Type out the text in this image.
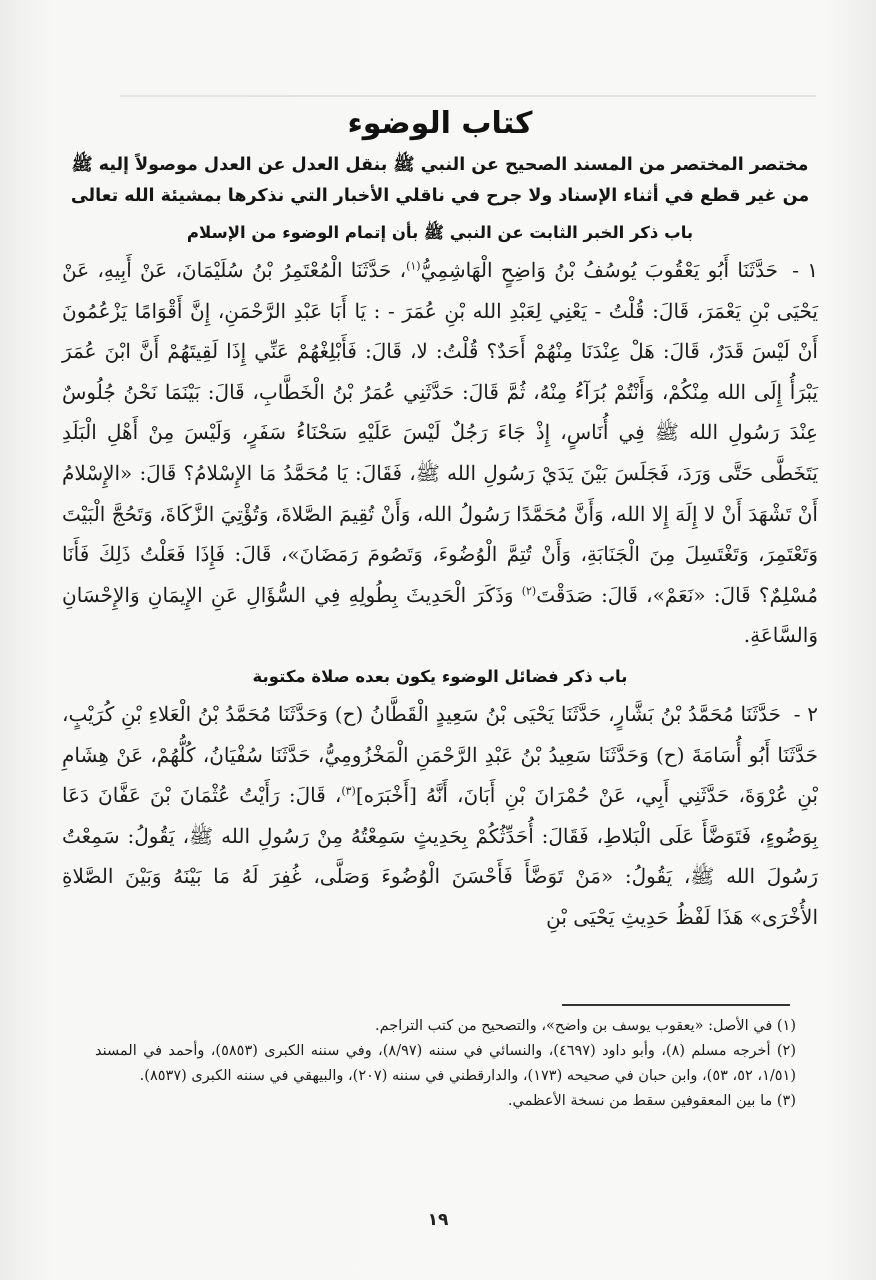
كتاب الوضوء

مختصر المختصر من المسند الصحيح عن النبي ﷺ بنقل العدل عن العدل موصولاً إليه ﷺ من غير قطع في أثناء الإسناد ولا جرح في ناقلي الأخبار التي نذكرها بمشيئة الله تعالى

باب ذكر الخبر الثابت عن النبي ﷺ بأن إتمام الوضوء من الإسلام

١ - حَدَّثَنَا أَبُو يَعْقُوبَ يُوسُفُ بْنُ وَاضِحٍ الْهَاشِمِيُّ$^{(١)}$، حَدَّثَنَا الْمُعْتَمِرُ بْنُ سُلَيْمَانَ، عَنْ أَبِيهِ، عَنْ يَحْيَى بْنِ يَعْمَرَ، قَالَ: قُلْتُ - يَعْنِي لِعَبْدِ الله بْنِ عُمَرَ - : يَا أَبَا عَبْدِ الرَّحْمَنِ، إِنَّ أَقْوَامًا يَزْعُمُونَ أَنْ لَيْسَ قَدَرٌ، قَالَ: هَلْ عِنْدَنَا مِنْهُمْ أَحَدٌ؟ قُلْتُ: لا، قَالَ: فَأَبْلِغْهُمْ عَنِّي إِذَا لَقِيتَهُمْ أَنَّ ابْنَ عُمَرَ يَبْرَأُ إِلَى الله مِنْكُمْ، وَأَنْتُمْ بُرَآءُ مِنْهُ، ثُمَّ قَالَ: حَدَّثَنِي عُمَرُ بْنُ الْخَطَّابِ، قَالَ: بَيْنَمَا نَحْنُ جُلُوسٌ عِنْدَ رَسُولِ الله ﷺ فِي أُنَاسٍ، إِذْ جَاءَ رَجُلٌ لَيْسَ عَلَيْهِ سَحْنَاءُ سَفَرٍ، وَلَيْسَ مِنْ أَهْلِ الْبَلَدِ يَتَخَطَّى حَتَّى وَرَدَ، فَجَلَسَ بَيْنَ يَدَيْ رَسُولِ الله ﷺ، فَقَالَ: يَا مُحَمَّدُ مَا الإِسْلامُ؟ قَالَ: «الإِسْلامُ أَنْ تَشْهَدَ أَنْ لا إِلَهَ إِلا الله، وَأَنَّ مُحَمَّدًا رَسُولُ الله، وَأَنْ تُقِيمَ الصَّلاةَ، وَتُؤْتِيَ الزَّكَاةَ، وَتَحُجَّ الْبَيْتَ وَتَعْتَمِرَ، وَتَغْتَسِلَ مِنَ الْجَنَابَةِ، وَأَنْ تُتِمَّ الْوُضُوءَ، وَتَصُومَ رَمَضَانَ»، قَالَ: فَإِذَا فَعَلْتُ ذَلِكَ فَأَنَا مُسْلِمٌ؟ قَالَ: «نَعَمْ»، قَالَ: صَدَقْتَ$^{(٢)}$ وَذَكَرَ الْحَدِيثَ بِطُولِهِ فِي السُّؤَالِ عَنِ الإِيمَانِ وَالإِحْسَانِ وَالسَّاعَةِ.

باب ذكر فضائل الوضوء يكون بعده صلاة مكتوبة

٢ - حَدَّثَنَا مُحَمَّدُ بْنُ بَشَّارٍ، حَدَّثَنَا يَحْيَى بْنُ سَعِيدٍ الْقَطَّانُ (ح) وَحَدَّثَنَا مُحَمَّدُ بْنُ الْعَلاءِ بْنِ كُرَيْبٍ، حَدَّثَنَا أَبُو أُسَامَةَ (ح) وَحَدَّثَنَا سَعِيدُ بْنُ عَبْدِ الرَّحْمَنِ الْمَخْزُومِيُّ، حَدَّثَنَا سُفْيَانُ، كُلُّهُمْ، عَنْ هِشَامِ بْنِ عُرْوَةَ، حَدَّثَنِي أَبِي، عَنْ حُمْرَانَ بْنِ أَبَانَ، أَنَّهُ [أَخْبَرَه]$^{(٣)}$، قَالَ: رَأَيْتُ عُثْمَانَ بْنَ عَفَّانَ دَعَا بِوَضُوءٍ، فَتَوَضَّأَ عَلَى الْبَلاطِ، فَقَالَ: أُحَدِّثُكُمْ بِحَدِيثٍ سَمِعْتُهُ مِنْ رَسُولِ الله ﷺ، يَقُولُ: سَمِعْتُ رَسُولَ الله ﷺ، يَقُولُ: «مَنْ تَوَضَّأَ فَأَحْسَنَ الْوُضُوءَ وَصَلَّى، غُفِرَ لَهُ مَا بَيْنَهُ وَبَيْنَ الصَّلاةِ الأُخْرَى» هَذَا لَفْظُ حَدِيثِ يَحْيَى بْنِ

(١) في الأصل: «يعقوب يوسف بن واضح»، والتصحيح من كتب التراجم.

(٢) أخرجه مسلم (٨)، وأبو داود (٤٦٩٧)، والنسائي في سننه (٨/٩٧)، وفي سننه الكبرى (٥٨٥٣)، وأحمد في المسند (١/٥١، ٥٢، ٥٣)، وابن حبان في صحيحه (١٧٣)، والدارقطني في سننه (٢٠٧)، والبيهقي في سننه الكبرى (٨٥٣٧).

(٣) ما بين المعقوفين سقط من نسخة الأعظمي.

١٩
